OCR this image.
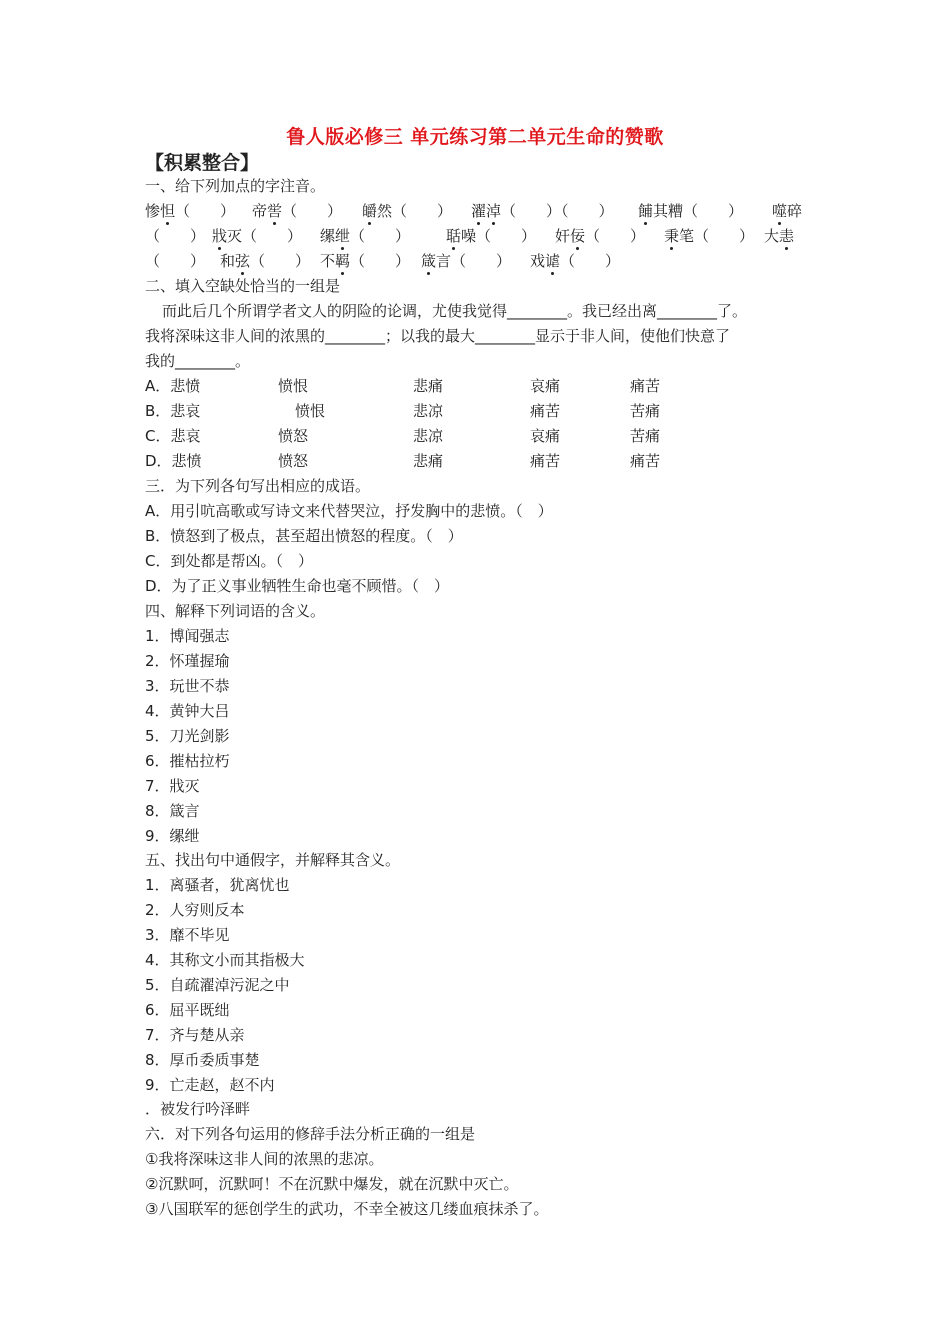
鲁人版必修三 单元练习第二单元生命的赞歌
【积累整合】
一、给下列加点的字注音。
惨怛（　　） 帝喾（　　） 皭然（　　） 濯淖（　　）（　　） 餔其糟（　　） 噬碎
（　　） 戕灭（　　） 缧绁（　　） 聒噪（　　） 奸佞（　　） 秉笔（　　） 大恚
（　　） 和弦（　　） 不羁（　　） 箴言（　　） 戏谑（　　）
二、填入空缺处恰当的一组是
而此后几个所谓学者文人的阴险的论调，尤使我觉得________。我已经出离________了。
我将深味这非人间的浓黑的________；以我的最大________显示于非人间，使他们快意了
我的________。
A．悲愤	愤恨	悲痛	哀痛	痛苦
B．悲哀	愤恨	悲凉	痛苦	苦痛
C．悲哀	愤怒	悲凉	哀痛	苦痛
D．悲愤	愤怒	悲痛	痛苦	痛苦
三．为下列各句写出相应的成语。
A．用引吭高歌或写诗文来代替哭泣，抒发胸中的悲愤。（　）
B．愤怒到了极点，甚至超出愤怒的程度。（　）
C．到处都是帮凶。（　）
D．为了正义事业牺牲生命也毫不顾惜。（　）
四、解释下列词语的含义。
1．博闻强志
2．怀瑾握瑜
3．玩世不恭
4．黄钟大吕
5．刀光剑影
6．摧枯拉朽
7．戕灭
8．箴言
9．缧绁
五、找出句中通假字，并解释其含义。
1．离骚者，犹离忧也
2．人穷则反本
3．靡不毕见
4．其称文小而其指极大
5．自疏濯淖污泥之中
6．屈平既绌
7．齐与楚从亲
8．厚币委质事楚
9．亡走赵，赵不内
．被发行吟泽畔
六．对下列各句运用的修辞手法分析正确的一组是
①我将深味这非人间的浓黑的悲凉。
②沉默呵，沉默呵！不在沉默中爆发，就在沉默中灭亡。
③八国联军的惩创学生的武功，不幸全被这几缕血痕抹杀了。
